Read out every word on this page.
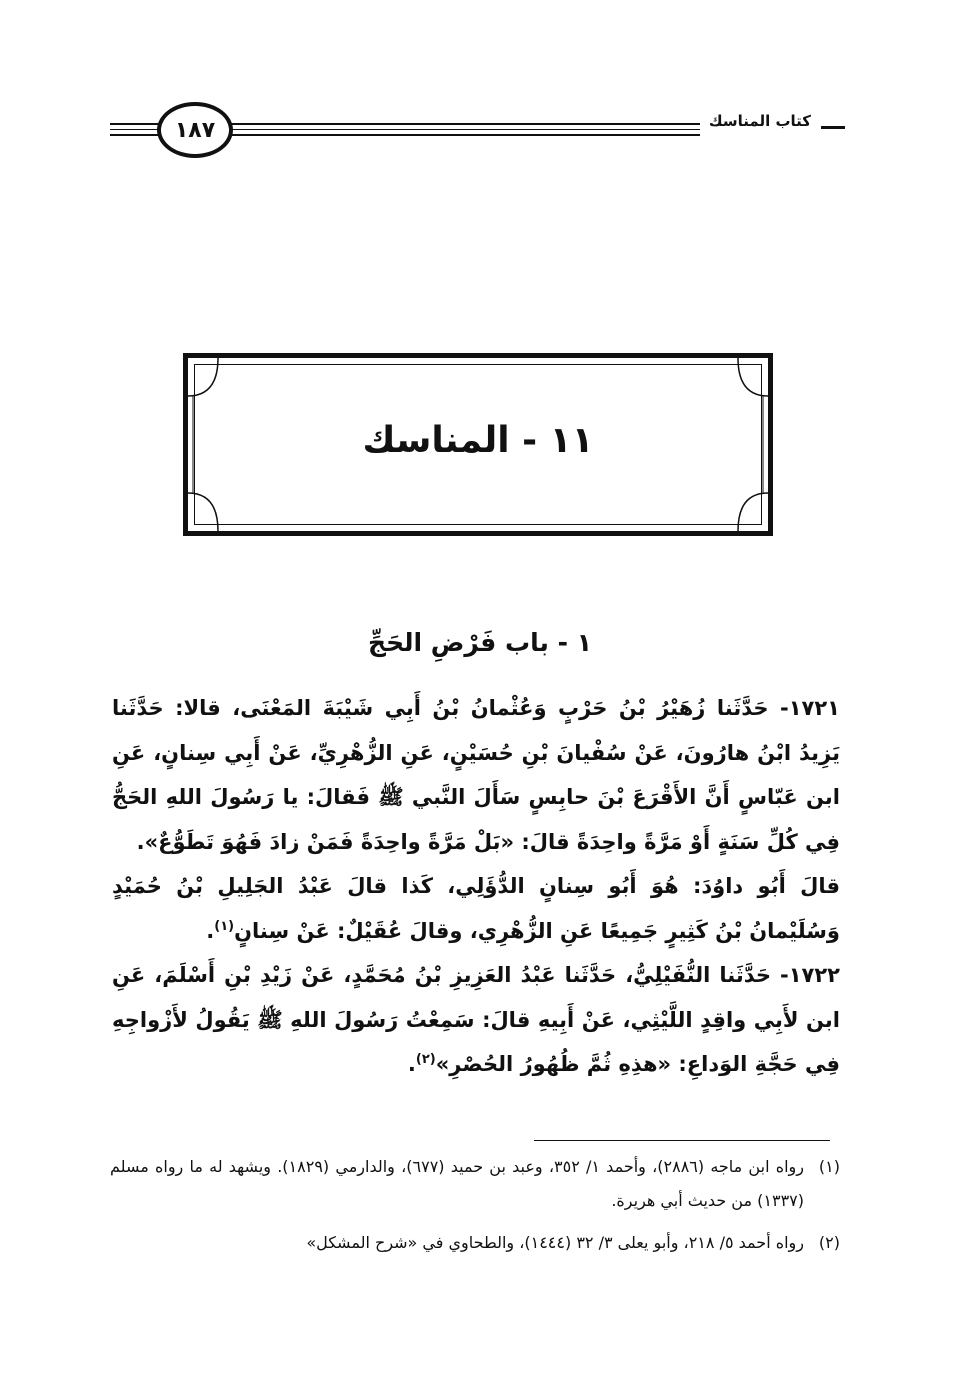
١٨٧	كتاب المناسك
١١ - المناسك
١ - باب فَرْضِ الحَجِّ

١٧٢١- حَدَّثَنا زُهَيْرُ بْنُ حَرْبٍ وَعُثْمانُ بْنُ أَبِي شَيْبَةَ المَعْنَى، قالا: حَدَّثَنا يَزِيدُ ابْنُ هارُونَ، عَنْ سُفْيانَ بْنِ حُسَيْنٍ، عَنِ الزُّهْرِيِّ، عَنْ أَبِي سِنانٍ، عَنِ ابن عَبّاسٍ أَنَّ الأَقْرَعَ بْنَ حابِسٍ سَأَلَ النَّبي ﷺ فَقالَ: يا رَسُولَ اللهِ الحَجُّ فِي كُلِّ سَنَةٍ أَوْ مَرَّةً واحِدَةً قالَ: «بَلْ مَرَّةً واحِدَةً فَمَنْ زادَ فَهُوَ تَطَوُّعٌ».

قالَ أَبُو داوُدَ: هُوَ أَبُو سِنانٍ الدُّؤَلِي، كَذا قالَ عَبْدُ الجَلِيلِ بْنُ حُمَيْدٍ وَسُلَيْمانُ بْنُ كَثِيرٍ جَمِيعًا عَنِ الزُّهْرِي، وقالَ عُقَيْلٌ: عَنْ سِنانٍ$^{(١)}$.

١٧٢٢- حَدَّثَنا النُّفَيْلِيُّ، حَدَّثَنا عَبْدُ العَزِيزِ بْنُ مُحَمَّدٍ، عَنْ زَيْدِ بْنِ أَسْلَمَ، عَنِ ابن لأَبِي واقِدٍ اللَّيْثِي، عَنْ أَبِيهِ قالَ: سَمِعْتُ رَسُولَ اللهِ ﷺ يَقُولُ لأَزْواجِهِ فِي حَجَّةِ الوَداعِ: «هذِهِ ثُمَّ ظُهُورُ الحُصْرِ»$^{(٢)}$.

(١)
رواه ابن ماجه (٢٨٨٦)، وأحمد ١/ ٣٥٢، وعبد بن حميد (٦٧٧)، والدارمي (١٨٢٩). ويشهد له ما رواه مسلم (١٣٣٧) من حديث أبي هريرة.
(٢)
رواه أحمد ٥/ ٢١٨، وأبو يعلى ٣/ ٣٢ (١٤٤٤)، والطحاوي في «شرح المشكل»
